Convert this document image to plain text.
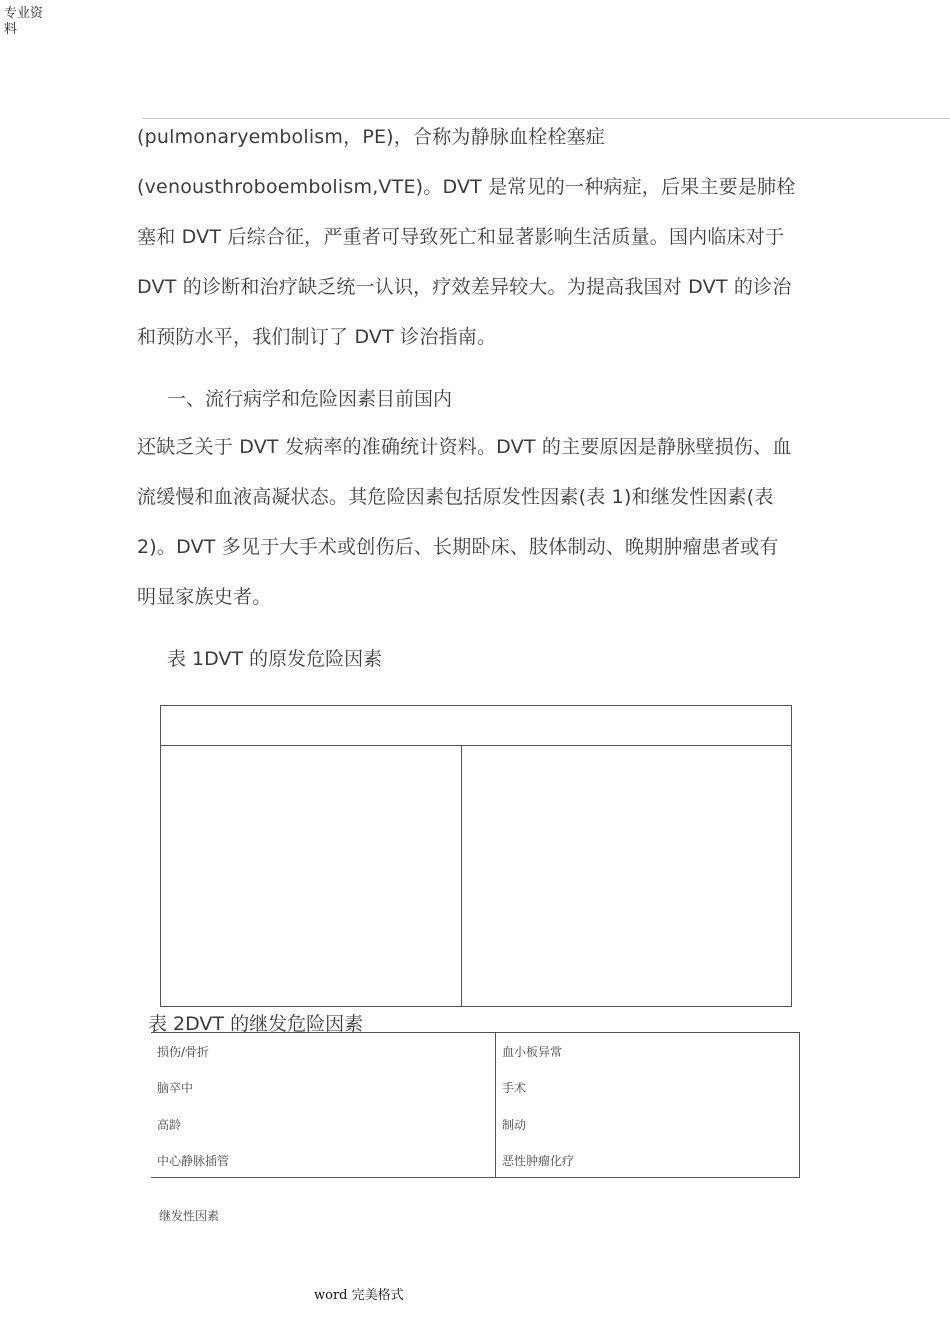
专业资料
(pulmonaryembolism，PE)，合称为静脉血栓栓塞症
(venousthroboembolism,VTE)。DVT 是常见的一种病症，后果主要是肺栓
塞和 DVT 后综合征，严重者可导致死亡和显著影响生活质量。国内临床对于
DVT 的诊断和治疗缺乏统一认识，疗效差异较大。为提高我国对 DVT 的诊治
和预防水平，我们制订了 DVT 诊治指南。
一、流行病学和危险因素目前国内
还缺乏关于 DVT 发病率的准确统计资料。DVT 的主要原因是静脉壁损伤、血
流缓慢和血液高凝状态。其危险因素包括原发性因素(表 1)和继发性因素(表
2)。DVT 多见于大手术或创伤后、长期卧床、肢体制动、晚期肿瘤患者或有
明显家族史者。
表 1DVT 的原发危险因素
表 2DVT 的继发危险因素
损伤/骨折	血小板异常
脑卒中	手术
高龄	制动
中心静脉插管	恶性肿瘤化疗
继发性因素
word 完美格式
